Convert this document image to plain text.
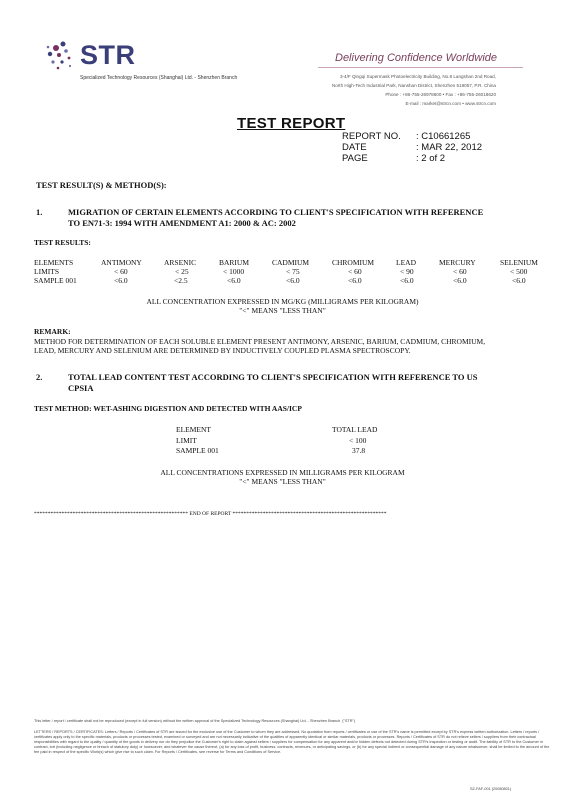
STR
Specialized Technology Resources (Shanghai) Ltd. - Shenzhen Branch
Delivering Confidence Worldwide
3-4/F Qingqi Supermask Photoelectricity Building, No.8 Langshan 2nd Road,
North High-Tech Industrial Park, Nanshan District, Shenzhen 518057, P.R. China
Phone : +86-755-26978600 • Fax : +86-755-26018620
E-mail : market@strcn.com • www.strcn.com
TEST REPORT
REPORT NO. : C10661265
DATE	: MAR 22, 2012
PAGE	: 2 of 2
TEST RESULT(S) & METHOD(S):
1.	MIGRATION OF CERTAIN ELEMENTS ACCORDING TO CLIENT'S SPECIFICATION WITH REFERENCE
TO EN71-3: 1994 WITH AMENDMENT A1: 2000 & AC: 2002
TEST RESULTS:
ELEMENTS	ANTIMONY	ARSENIC	BARIUM	CADMIUM	CHROMIUM	LEAD	MERCURY	SELENIUM
LIMITS	< 60	< 25	< 1000	< 75	< 60	< 90	< 60	< 500
SAMPLE 001	<6.0	<2.5	<6.0	<6.0	<6.0	<6.0	<6.0	<6.0
ALL CONCENTRATION EXPRESSED IN MG/KG (MILLIGRAMS PER KILOGRAM)
"<" MEANS "LESS THAN"
REMARK:
METHOD FOR DETERMINATION OF EACH SOLUBLE ELEMENT PRESENT ANTIMONY, ARSENIC, BARIUM, CADMIUM, CHROMIUM,
LEAD, MERCURY AND SELENIUM ARE DETERMINED BY INDUCTIVELY COUPLED PLASMA SPECTROSCOPY.
2.	TOTAL LEAD CONTENT TEST ACCORDING TO CLIENT'S SPECIFICATION WITH REFERENCE TO US
CPSIA
TEST METHOD: WET-ASHING DIGESTION AND DETECTED WITH AAS/ICP
ELEMENT	TOTAL LEAD
LIMIT	< 100
SAMPLE 001	37.8
ALL CONCENTRATIONS EXPRESSED IN MILLIGRAMS PER KILOGRAM
"<" MEANS "LESS THAN"
******************************************************** END OF REPORT ********************************************************
This letter / report / certificate shall not be reproduced (except in full version) without the written approval of the Specialized Technology Resources (Shanghai) Ltd. - Shenzhen Branch. ("STR")
LETTERS / REPORTS / CERTIFICATES: Letters / Reports / Certificates of STR are issued for the exclusive use of the Customer to whom they are addressed. No quotation from reports / certificates or use of the STR's name is permitted except by STR's express written authorization. Letters / reports / certificates apply only to the specific materials, products or processes tested, examined or surveyed and are not necessarily indicative of the qualities of apparently identical or similar materials, products or processes. Reports / Certificates of STR do not relieve sellers / suppliers from their contractual responsibilities with regard to the quality / quantity of the goods in delivery nor do they prejudice the Customer's right to claim against sellers / suppliers for compensation for any apparent and/or hidden defects not detected during STR's inspection or testing or audit. The liability of STR to the Customer in contract, tort (including negligence or breach of statutory duty) or howsoever, and whatever the cause thereof, (a) for any loss of profit, business, contracts, revenues, or anticipating savings, or (b) for any special indirect or consequential damage of any nature whatsoever, shall be limited to the amount of the fee paid in respect of the specific Work(s) which give rise to such claim. For Reports / Certificates, see reverse for Terms and Conditions of Service.
SZ-FAF-001 (20080801)
